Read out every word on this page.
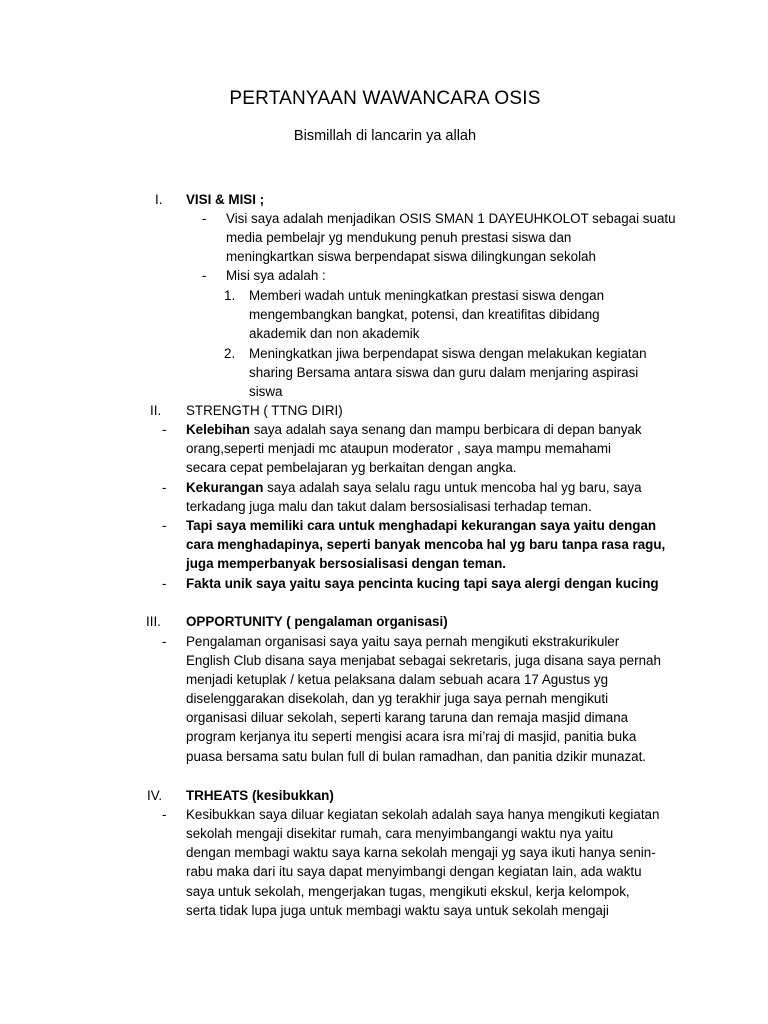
PERTANYAAN WAWANCARA OSIS
Bismillah di lancarin ya allah
I. VISI & MISI ;
- Visi saya adalah menjadikan OSIS SMAN 1 DAYEUHKOLOT sebagai suatu
media pembelajr yg mendukung penuh prestasi siswa dan
meningkartkan siswa berpendapat siswa dilingkungan sekolah
- Misi sya adalah :
1. Memberi wadah untuk meningkatkan prestasi siswa dengan
mengembangkan bangkat, potensi, dan kreatifitas dibidang
akademik dan non akademik
2. Meningkatkan jiwa berpendapat siswa dengan melakukan kegiatan
sharing Bersama antara siswa dan guru dalam menjaring aspirasi
siswa
II. STRENGTH ( TTNG DIRI)
- Kelebihan saya adalah saya senang dan mampu berbicara di depan banyak
orang,seperti menjadi mc ataupun moderator , saya mampu memahami
secara cepat pembelajaran yg berkaitan dengan angka.
- Kekurangan saya adalah saya selalu ragu untuk mencoba hal yg baru, saya
terkadang juga malu dan takut dalam bersosialisasi terhadap teman.
- Tapi saya memiliki cara untuk menghadapi kekurangan saya yaitu dengan
cara menghadapinya, seperti banyak mencoba hal yg baru tanpa rasa ragu,
juga memperbanyak bersosialisasi dengan teman.
- Fakta unik saya yaitu saya pencinta kucing tapi saya alergi dengan kucing
III. OPPORTUNITY ( pengalaman organisasi)
- Pengalaman organisasi saya yaitu saya pernah mengikuti ekstrakurikuler
English Club disana saya menjabat sebagai sekretaris, juga disana saya pernah
menjadi ketuplak / ketua pelaksana dalam sebuah acara 17 Agustus yg
diselenggarakan disekolah, dan yg terakhir juga saya pernah mengikuti
organisasi diluar sekolah, seperti karang taruna dan remaja masjid dimana
program kerjanya itu seperti mengisi acara isra mi’raj di masjid, panitia buka
puasa bersama satu bulan full di bulan ramadhan, dan panitia dzikir munazat.
IV. TRHEATS (kesibukkan)
- Kesibukkan saya diluar kegiatan sekolah adalah saya hanya mengikuti kegiatan
sekolah mengaji disekitar rumah, cara menyimbangangi waktu nya yaitu
dengan membagi waktu saya karna sekolah mengaji yg saya ikuti hanya senin-
rabu maka dari itu saya dapat menyimbangi dengan kegiatan lain, ada waktu
saya untuk sekolah, mengerjakan tugas, mengikuti ekskul, kerja kelompok,
serta tidak lupa juga untuk membagi waktu saya untuk sekolah mengaji
